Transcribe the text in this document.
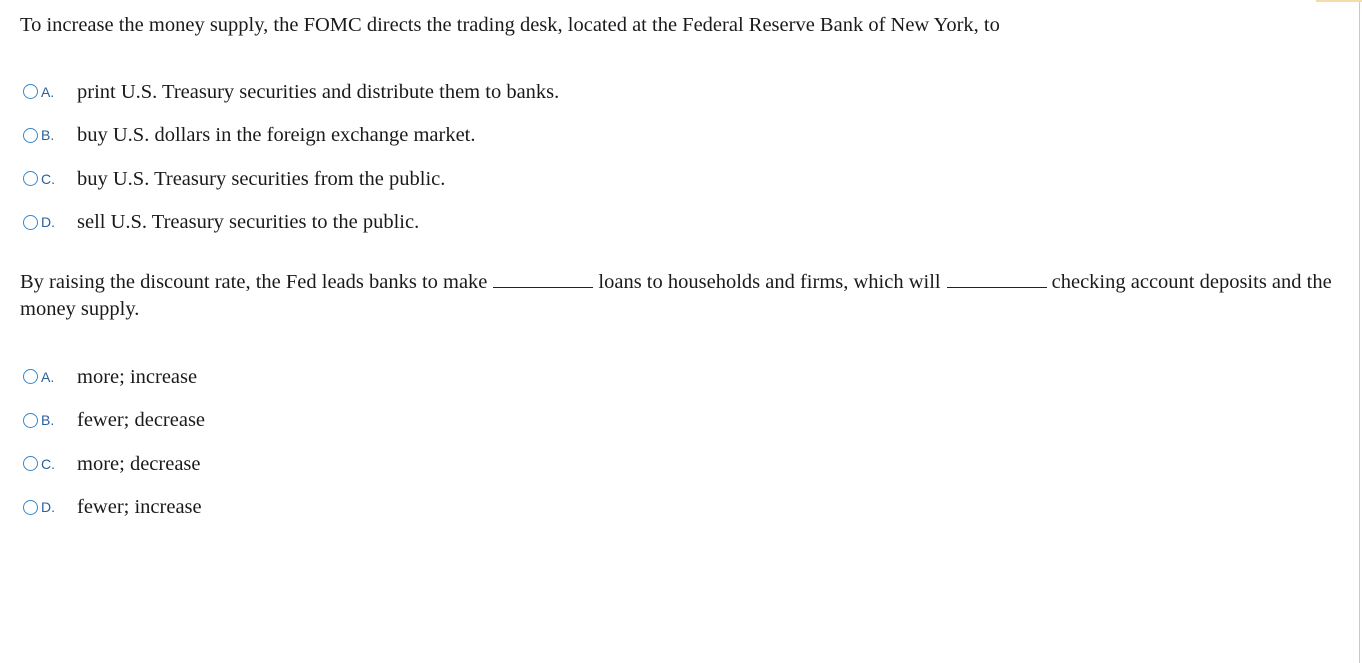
To increase the money supply, the FOMC directs the trading desk, located at the Federal Reserve Bank of New York, to

A.	print U.S. Treasury securities and distribute them to banks.
B.	buy U.S. dollars in the foreign exchange market.
C.	buy U.S. Treasury securities from the public.
D.	sell U.S. Treasury securities to the public.

By raising the discount rate, the Fed leads banks to make	loans to households and firms, which will	checking account deposits and the money supply.

A.	more; increase
B.	fewer; decrease
C.	more; decrease
D.	fewer; increase
